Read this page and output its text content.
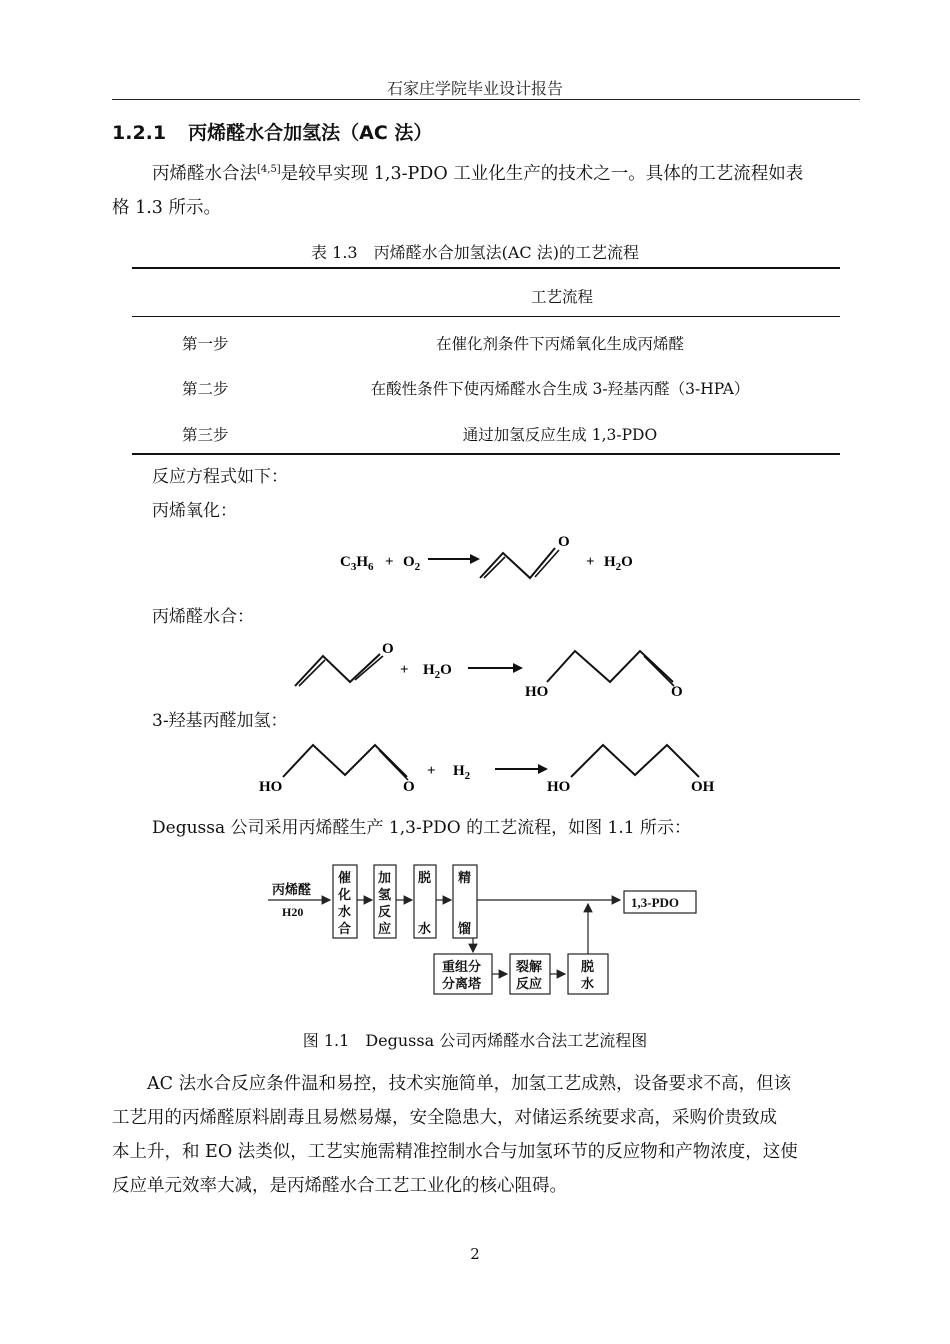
石家庄学院毕业设计报告
1.2.1 丙烯醛水合加氢法（AC 法）
丙烯醛水合法[4,5]是较早实现 1,3-PDO 工业化生产的技术之一。具体的工艺流程如表
格 1.3 所示。
表 1.3　丙烯醛水合加氢法(AC 法)的工艺流程
工艺流程
第一步	在催化剂条件下丙烯氧化生成丙烯醛
第二步	在酸性条件下使丙烯醛水合生成 3-羟基丙醛（3-HPA）
第三步	通过加氢反应生成 1,3-PDO
反应方程式如下：
丙烯氧化：
$C_3H_6 + O_2$
O
+ $H_2O$
丙烯醛水合：
O
+ $H_2O$
HO	O
3-羟基丙醛加氢：
HO	O
+ $H_2$
HO	OH
Degussa 公司采用丙烯醛生产 1,3-PDO 的工艺流程，如图 1.1 所示：
丙烯醛
H20
催
化
水
合
加
氢
反
应
脱
水
精
馏
1,3-PDO
重组分
分离塔
裂解
反应
脱
水
图 1.1　Degussa 公司丙烯醛水合法工艺流程图
　　AC 法水合反应条件温和易控，技术实施简单，加氢工艺成熟，设备要求不高，但该
工艺用的丙烯醛原料剧毒且易燃易爆，安全隐患大，对储运系统要求高，采购价贵致成
本上升，和 EO 法类似，工艺实施需精准控制水合与加氢环节的反应物和产物浓度，这使
反应单元效率大减，是丙烯醛水合工艺工业化的核心阻碍。
2
